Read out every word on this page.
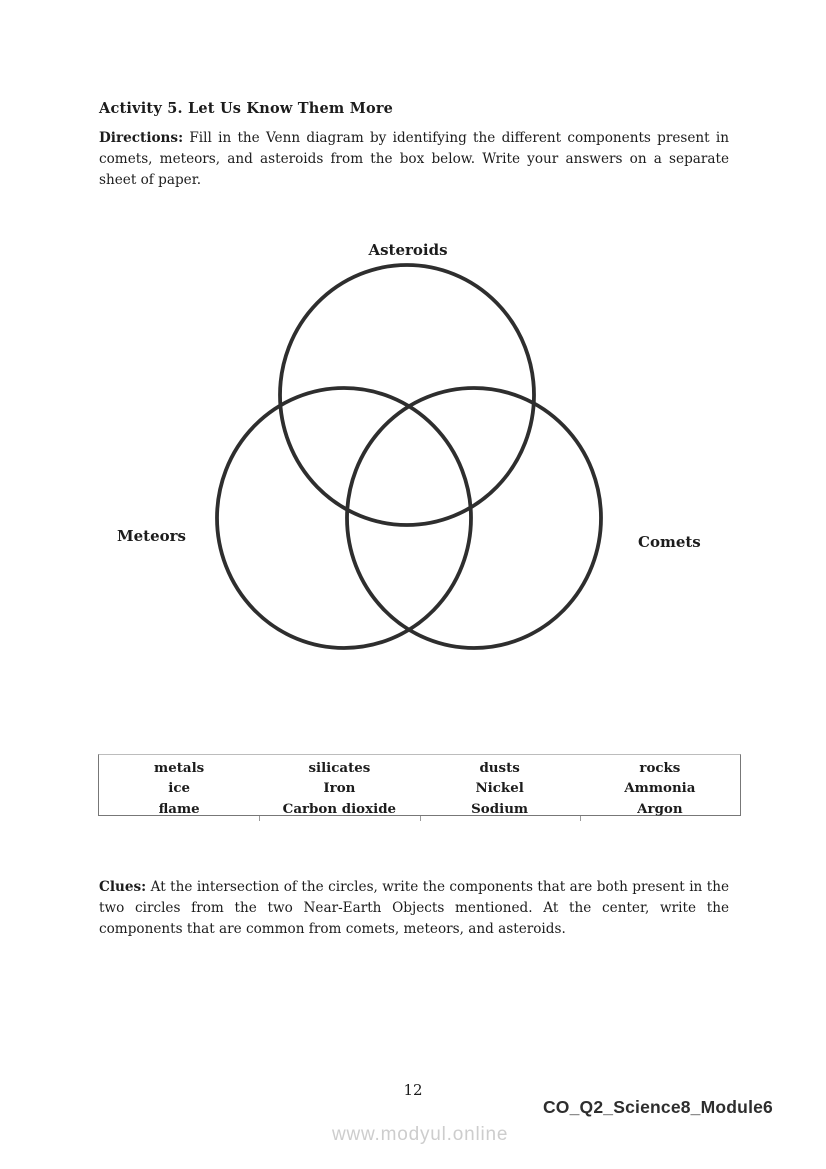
Activity 5. Let Us Know Them More

Directions: Fill in the Venn diagram by identifying the different components present in comets, meteors, and asteroids from the box below. Write your answers on a separate sheet of paper.

Asteroids
Meteors	Comets
metals	silicates	dusts	rocks
ice	Iron	Nickel	Ammonia
flame	Carbon dioxide	Sodium	Argon

Clues: At the intersection of the circles, write the components that are both present in the two circles from the two Near-Earth Objects mentioned. At the center, write the components that are common from comets, meteors, and asteroids.

12
CO_Q2_Science8_Module6
www.modyul.online
